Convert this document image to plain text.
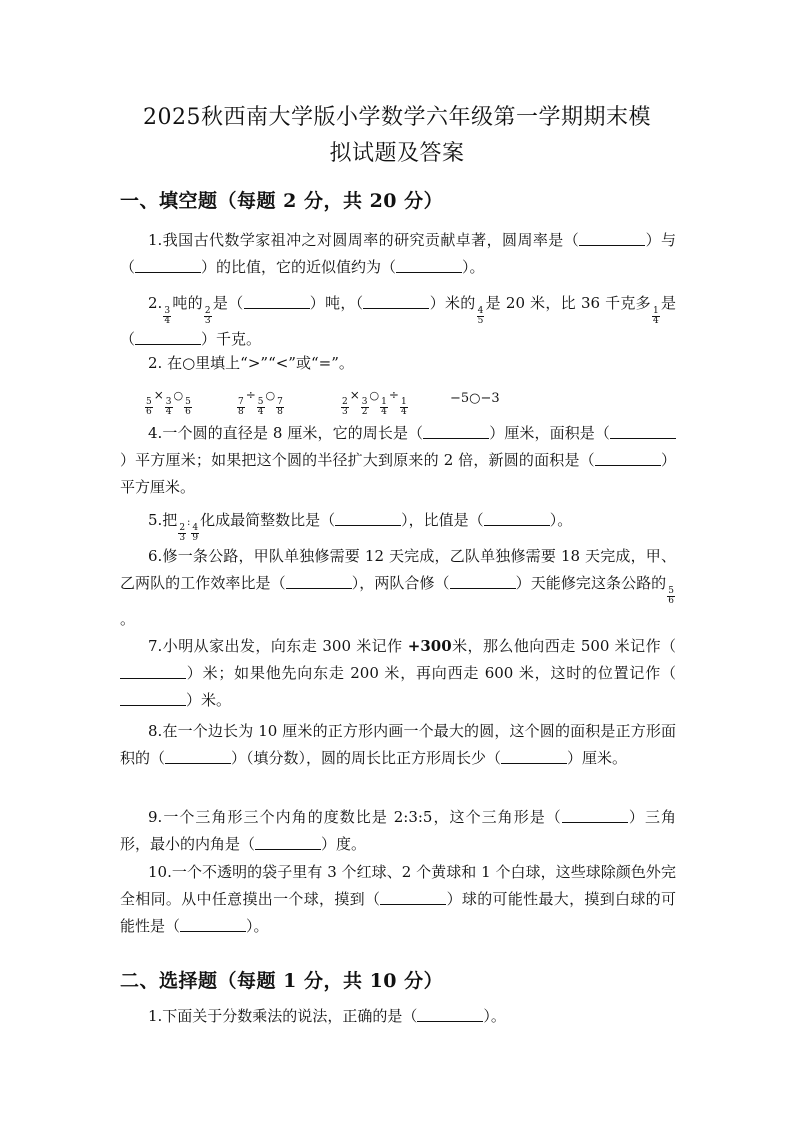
2025秋西南大学版小学数学六年级第一学期期末模
拟试题及答案
一、填空题（每题 2 分，共 20 分）
1.我国古代数学家祖冲之对圆周率的研究贡献卓著，圆周率是（	）与（	）的比值，它的近似值约为（	）。
2.
$\frac{3}{4}$
吨的
$\frac{2}{3}$
是（	）吨，（	）米的
$\frac{4}{5}$
是 20 米，比 36 千克多
$\frac{1}{4}$
是（	）千克。
2. 在○里填上“>”“<”或“=”。
$\frac{5}{6}$
×
$\frac{3}{4}$
○
$\frac{5}{6}$	$\frac{7}{8}$
÷
$\frac{5}{4}$
○
$\frac{7}{8}$	$\frac{2}{3}$
×
$\frac{3}{2}$
○
$\frac{1}{4}$
÷
$\frac{1}{4}$	−5○−3
4.一个圆的直径是 8 厘米，它的周长是（	）厘米，面积是（）平方厘米；如果把这个圆的半径扩大到原来的 2 倍，新圆的面积是（	）平方厘米。
5.把
$\frac{2}{3}$
:
$\frac{4}{9}$
化成最简整数比是（	），比值是（	）。
6.修一条公路，甲队单独修需要 12 天完成，乙队单独修需要 18 天完成，甲、乙两队的工作效率比是（	），两队合修（	）天能修完这条公路的
$\frac{5}{6}$
。
7.小明从家出发，向东走 300 米记作 +300米，那么他向西走 500 米记作（）米；如果他先向东走 200 米，再向西走 600 米，这时的位置记作（）米。
8.在一个边长为 10 厘米的正方形内画一个最大的圆，这个圆的面积是正方形面积的（	）（填分数），圆的周长比正方形周长少（	）厘米。
9.一个三角形三个内角的度数比是 2:3:5，这个三角形是（	）三角形，最小的内角是（	）度。
10.一个不透明的袋子里有 3 个红球、2 个黄球和 1 个白球，这些球除颜色外完全相同。从中任意摸出一个球，摸到（	）球的可能性最大，摸到白球的可能性是（	）。
二、选择题（每题 1 分，共 10 分）
1.下面关于分数乘法的说法，正确的是（	）。
